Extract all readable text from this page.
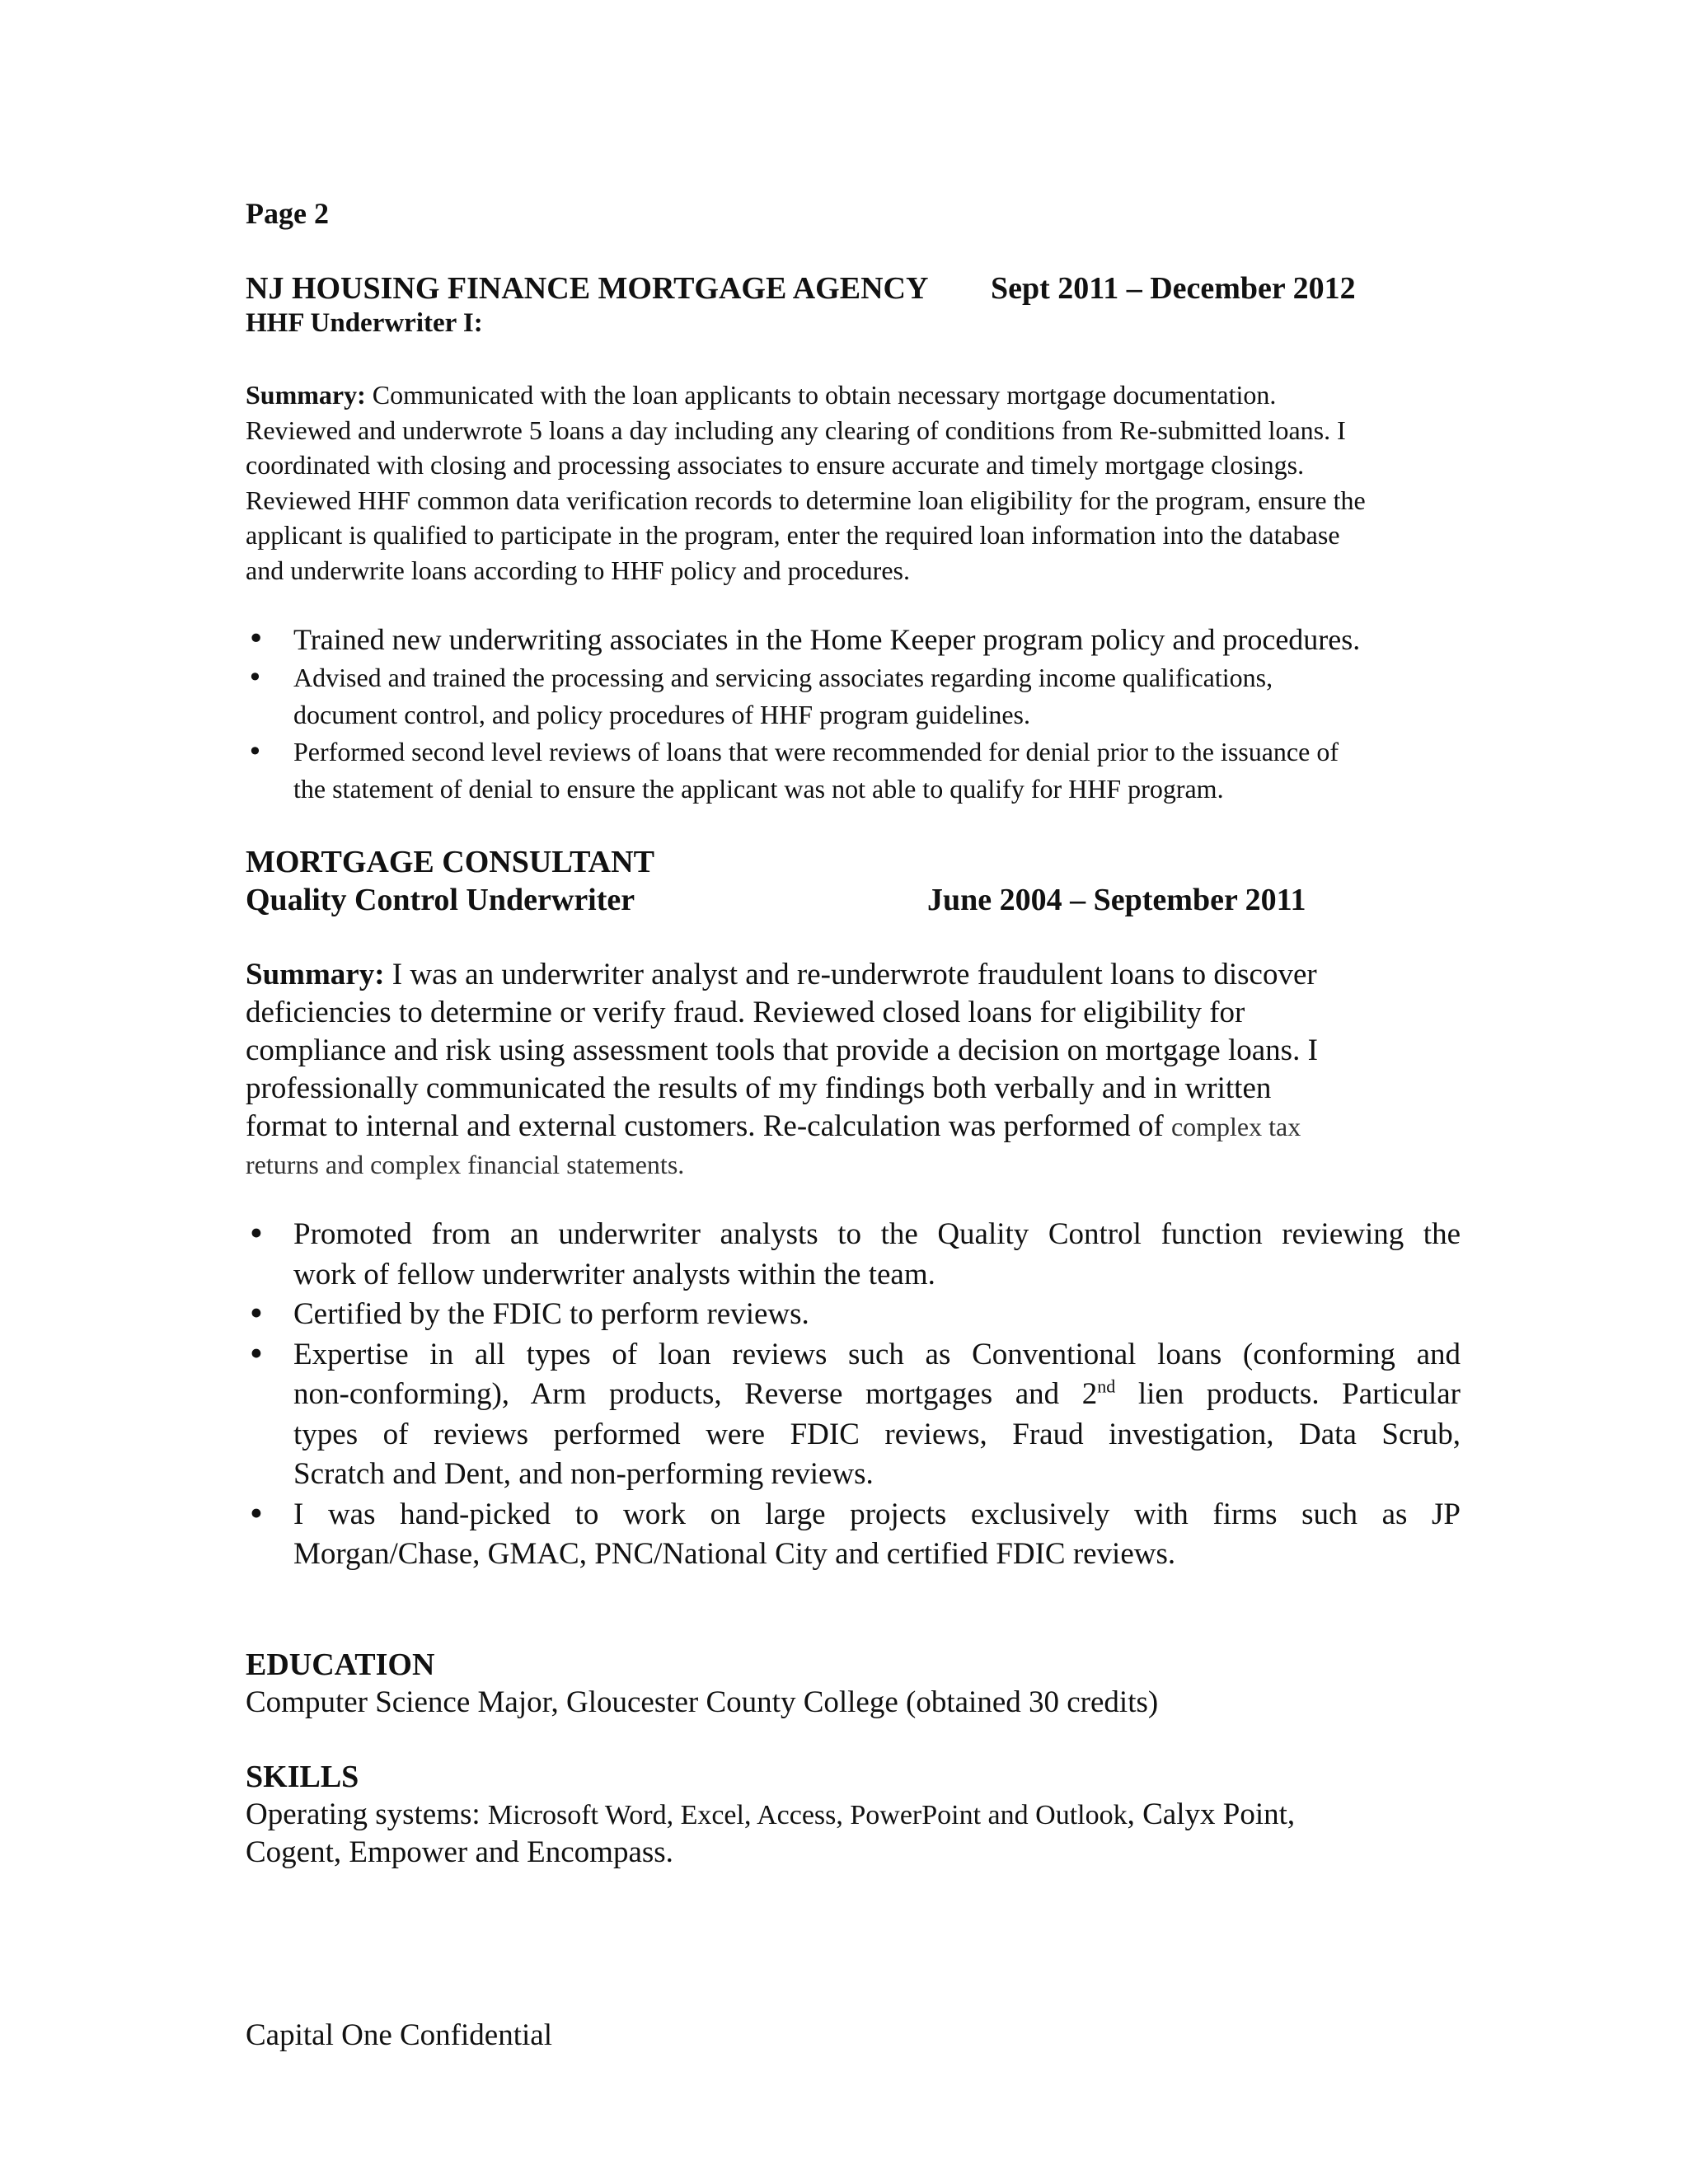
Page 2
NJ HOUSING FINANCE MORTGAGE AGENCY Sept 2011 – December 2012
HHF Underwriter I:
Summary: Communicated with the loan applicants to obtain necessary mortgage documentation.
Reviewed and underwrote 5 loans a day including any clearing of conditions from Re-submitted loans. I
coordinated with closing and processing associates to ensure accurate and timely mortgage closings.
Reviewed HHF common data verification records to determine loan eligibility for the program, ensure the
applicant is qualified to participate in the program, enter the required loan information into the database
and underwrite loans according to HHF policy and procedures.
• Trained new underwriting associates in the Home Keeper program policy and procedures.
• Advised and trained the processing and servicing associates regarding income qualifications,
document control, and policy procedures of HHF program guidelines.
• Performed second level reviews of loans that were recommended for denial prior to the issuance of
the statement of denial to ensure the applicant was not able to qualify for HHF program.
MORTGAGE CONSULTANT
Quality Control Underwriter	June 2004 – September 2011
Summary: I was an underwriter analyst and re-underwrote fraudulent loans to discover
deficiencies to determine or verify fraud. Reviewed closed loans for eligibility for
compliance and risk using assessment tools that provide a decision on mortgage loans. I
professionally communicated the results of my findings both verbally and in written
format to internal and external customers. Re-calculation was performed of complex tax
returns and complex financial statements.
• Promoted from an underwriter analysts to the Quality Control function reviewing the
work of fellow underwriter analysts within the team.
• Certified by the FDIC to perform reviews.
• Expertise in all types of loan reviews such as Conventional loans (conforming and
non-conforming), Arm products, Reverse mortgages and 2nd lien products. Particular
types of reviews performed were FDIC reviews, Fraud investigation, Data Scrub,
Scratch and Dent, and non-performing reviews.
• I was hand-picked to work on large projects exclusively with firms such as JP
Morgan/Chase, GMAC, PNC/National City and certified FDIC reviews.
EDUCATION
Computer Science Major, Gloucester County College (obtained 30 credits)
SKILLS
Operating systems: Microsoft Word, Excel, Access, PowerPoint and Outlook, Calyx Point,
Cogent, Empower and Encompass.
Capital One Confidential
